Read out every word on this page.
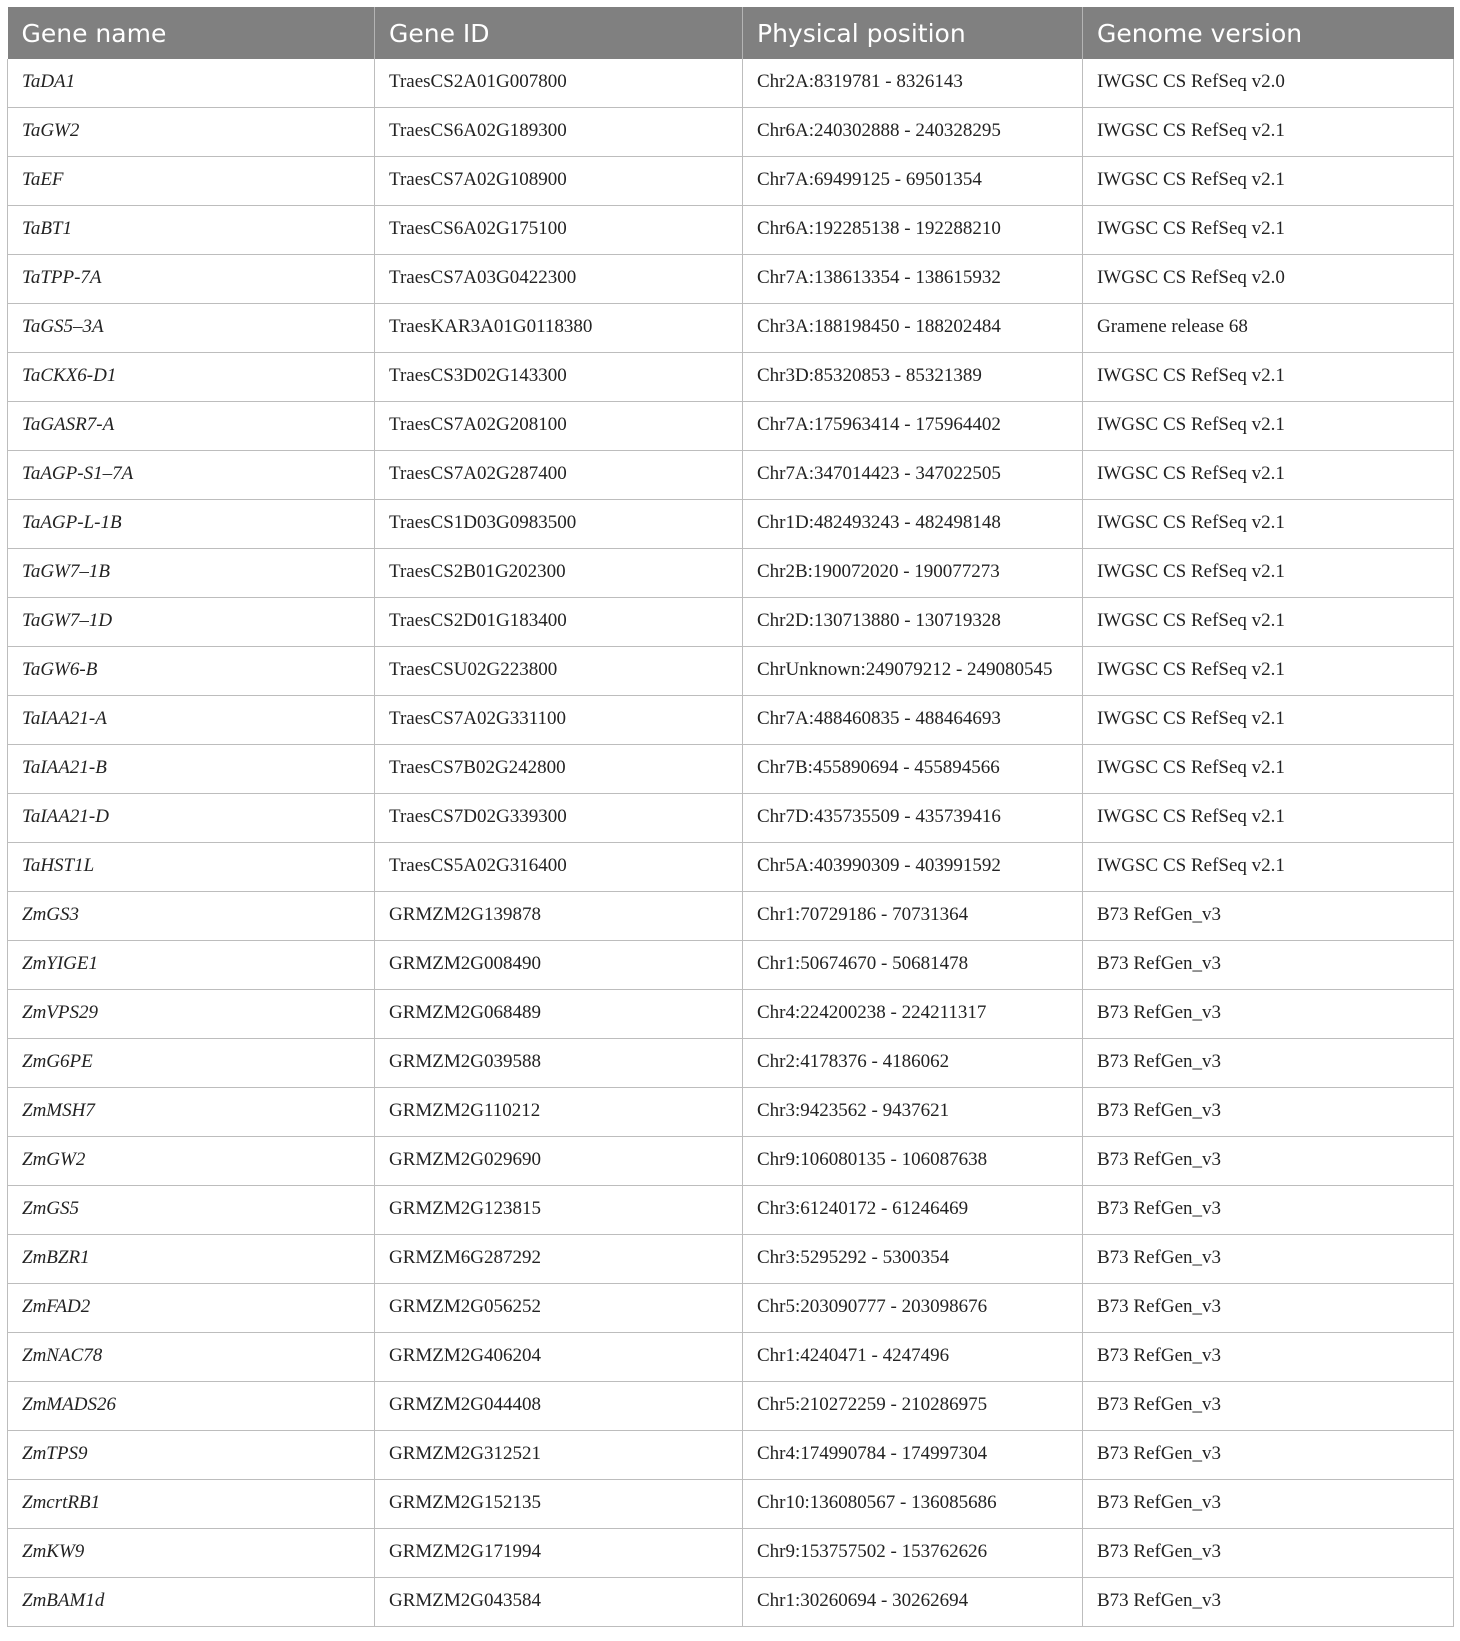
Gene name	Gene ID	Physical position	Genome version
TaDA1	TraesCS2A01G007800	Chr2A:8319781 - 8326143	IWGSC CS RefSeq v2.0
TaGW2	TraesCS6A02G189300	Chr6A:240302888 - 240328295	IWGSC CS RefSeq v2.1
TaEF	TraesCS7A02G108900	Chr7A:69499125 - 69501354	IWGSC CS RefSeq v2.1
TaBT1	TraesCS6A02G175100	Chr6A:192285138 - 192288210	IWGSC CS RefSeq v2.1
TaTPP-7A	TraesCS7A03G0422300	Chr7A:138613354 - 138615932	IWGSC CS RefSeq v2.0
TaGS5–3A	TraesKAR3A01G0118380	Chr3A:188198450 - 188202484	Gramene release 68
TaCKX6-D1	TraesCS3D02G143300	Chr3D:85320853 - 85321389	IWGSC CS RefSeq v2.1
TaGASR7-A	TraesCS7A02G208100	Chr7A:175963414 - 175964402	IWGSC CS RefSeq v2.1
TaAGP-S1–7A	TraesCS7A02G287400	Chr7A:347014423 - 347022505	IWGSC CS RefSeq v2.1
TaAGP-L-1B	TraesCS1D03G0983500	Chr1D:482493243 - 482498148	IWGSC CS RefSeq v2.1
TaGW7–1B	TraesCS2B01G202300	Chr2B:190072020 - 190077273	IWGSC CS RefSeq v2.1
TaGW7–1D	TraesCS2D01G183400	Chr2D:130713880 - 130719328	IWGSC CS RefSeq v2.1
TaGW6-B	TraesCSU02G223800	ChrUnknown:249079212 - 249080545	IWGSC CS RefSeq v2.1
TaIAA21-A	TraesCS7A02G331100	Chr7A:488460835 - 488464693	IWGSC CS RefSeq v2.1
TaIAA21-B	TraesCS7B02G242800	Chr7B:455890694 - 455894566	IWGSC CS RefSeq v2.1
TaIAA21-D	TraesCS7D02G339300	Chr7D:435735509 - 435739416	IWGSC CS RefSeq v2.1
TaHST1L	TraesCS5A02G316400	Chr5A:403990309 - 403991592	IWGSC CS RefSeq v2.1
ZmGS3	GRMZM2G139878	Chr1:70729186 - 70731364	B73 RefGen_v3
ZmYIGE1	GRMZM2G008490	Chr1:50674670 - 50681478	B73 RefGen_v3
ZmVPS29	GRMZM2G068489	Chr4:224200238 - 224211317	B73 RefGen_v3
ZmG6PE	GRMZM2G039588	Chr2:4178376 - 4186062	B73 RefGen_v3
ZmMSH7	GRMZM2G110212	Chr3:9423562 - 9437621	B73 RefGen_v3
ZmGW2	GRMZM2G029690	Chr9:106080135 - 106087638	B73 RefGen_v3
ZmGS5	GRMZM2G123815	Chr3:61240172 - 61246469	B73 RefGen_v3
ZmBZR1	GRMZM6G287292	Chr3:5295292 - 5300354	B73 RefGen_v3
ZmFAD2	GRMZM2G056252	Chr5:203090777 - 203098676	B73 RefGen_v3
ZmNAC78	GRMZM2G406204	Chr1:4240471 - 4247496	B73 RefGen_v3
ZmMADS26	GRMZM2G044408	Chr5:210272259 - 210286975	B73 RefGen_v3
ZmTPS9	GRMZM2G312521	Chr4:174990784 - 174997304	B73 RefGen_v3
ZmcrtRB1	GRMZM2G152135	Chr10:136080567 - 136085686	B73 RefGen_v3
ZmKW9	GRMZM2G171994	Chr9:153757502 - 153762626	B73 RefGen_v3
ZmBAM1d	GRMZM2G043584	Chr1:30260694 - 30262694	B73 RefGen_v3
